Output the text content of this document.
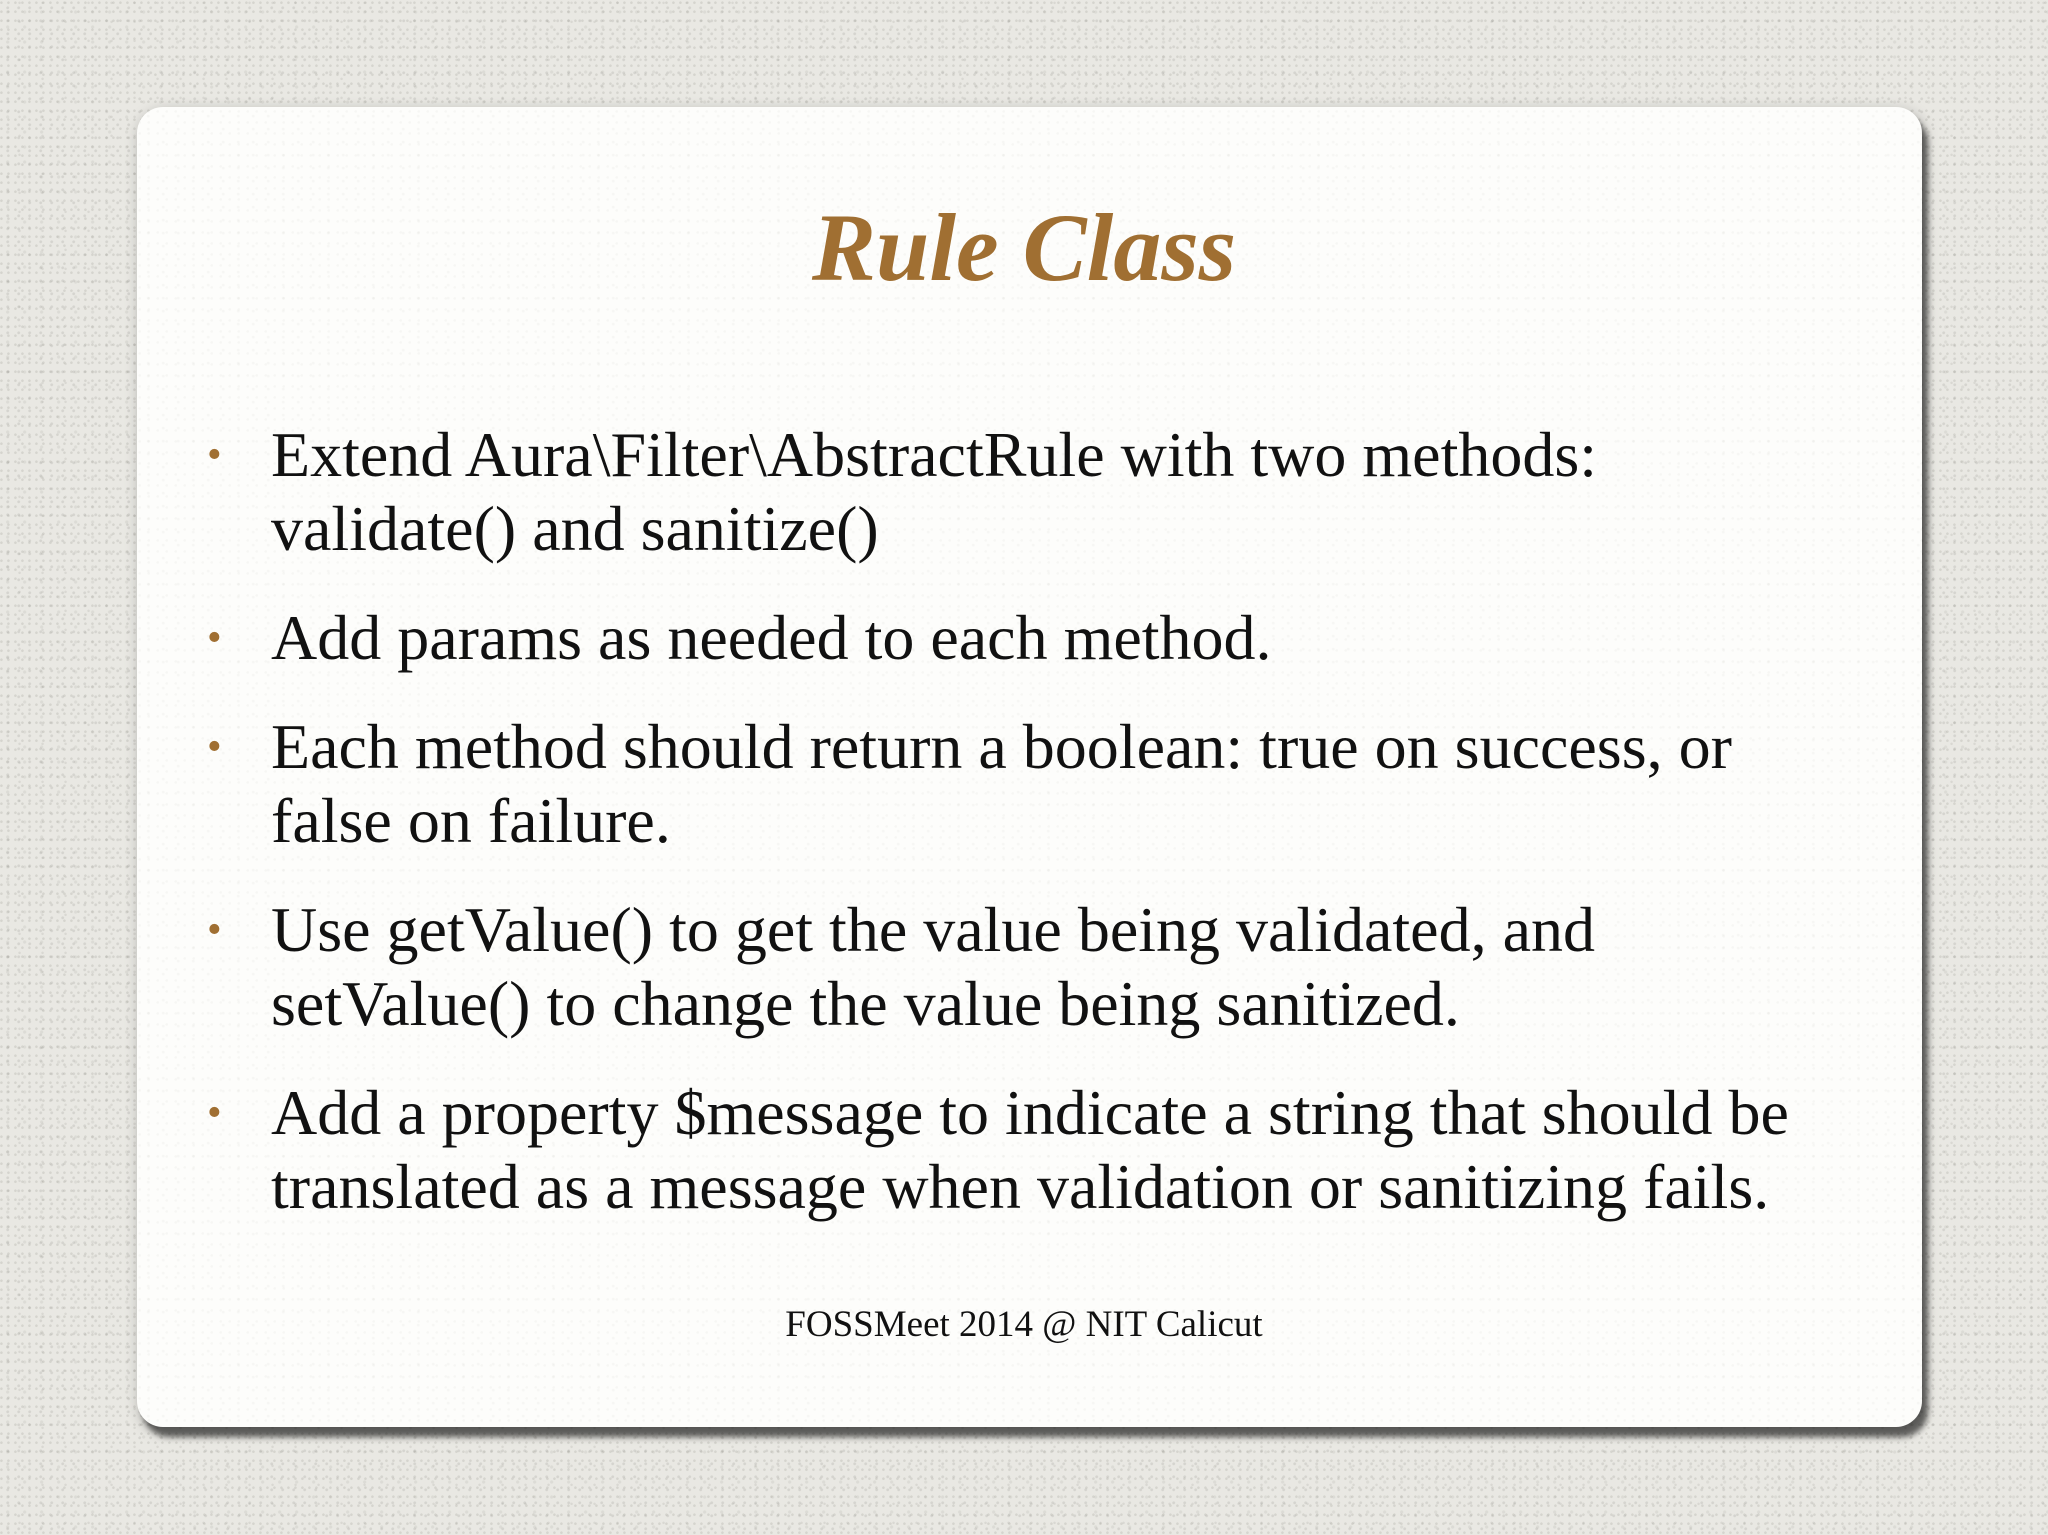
Rule Class
• Extend Aura\Filter\AbstractRule with two methods:
validate() and sanitize()
• Add params as needed to each method.
• Each method should return a boolean: true on success, or
false on failure.
• Use getValue() to get the value being validated, and
setValue() to change the value being sanitized.
• Add a property $message to indicate a string that should be
translated as a message when validation or sanitizing fails.

FOSSMeet 2014 @ NIT Calicut
